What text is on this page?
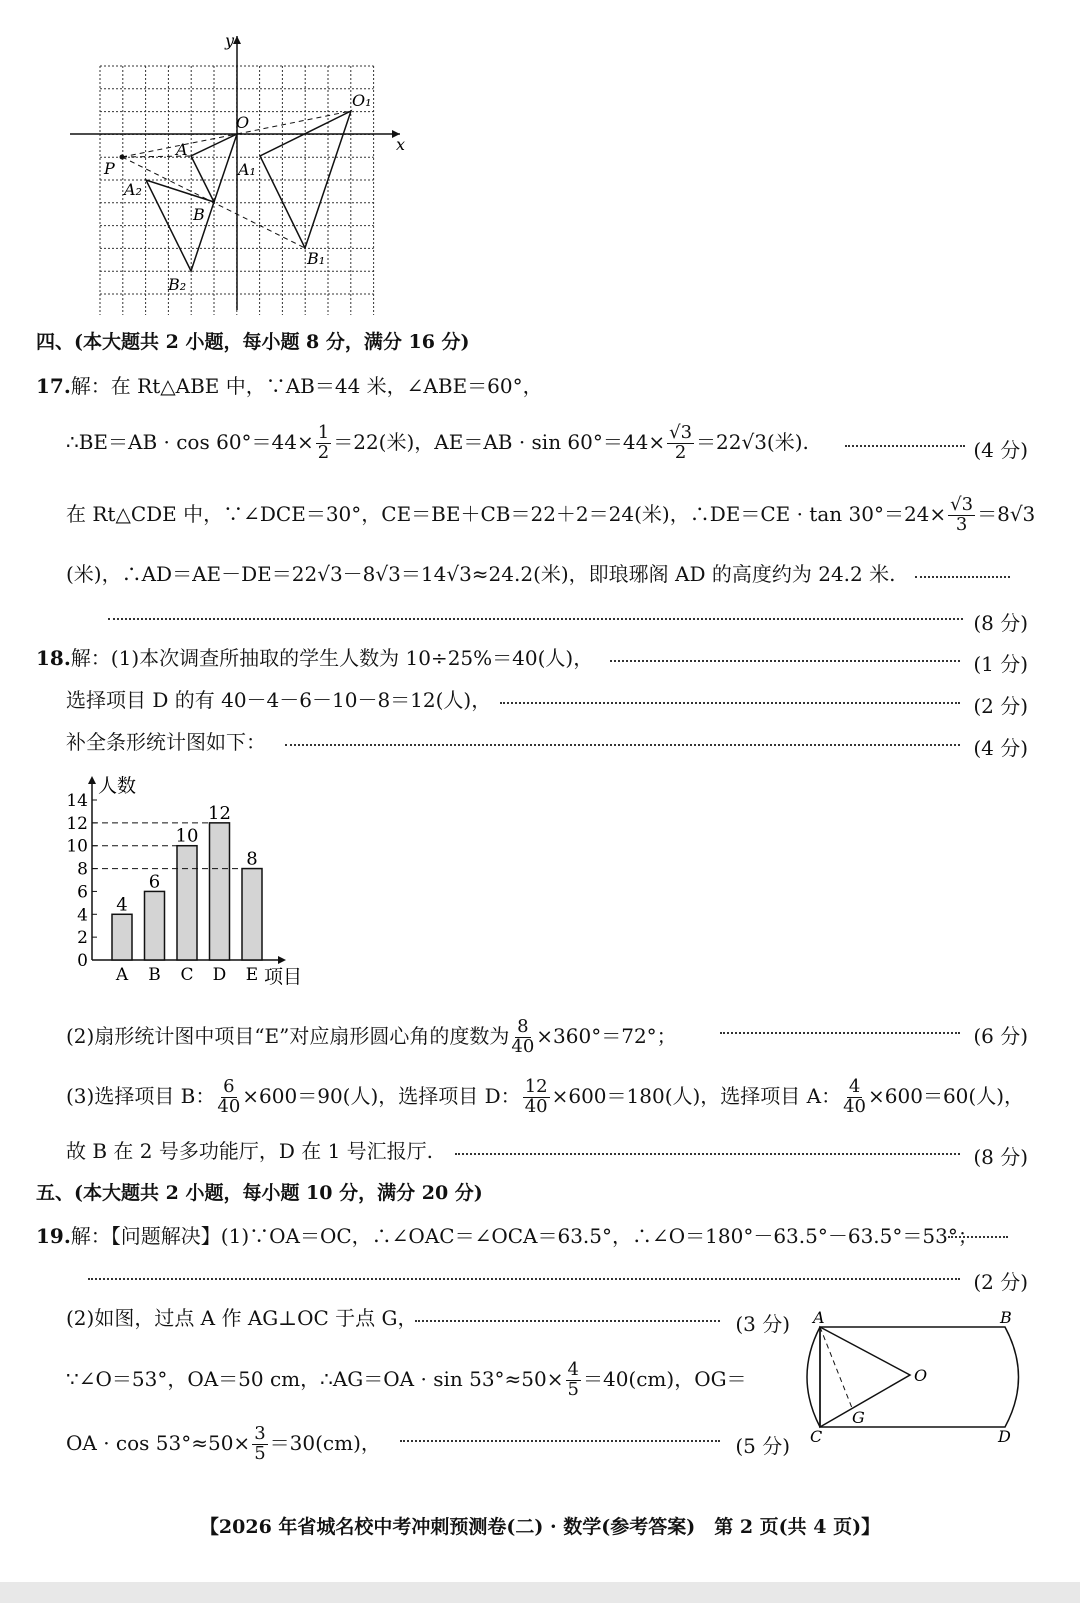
y
x
O
O₁
A
P	A₁
A₂
B
B₁
B₂
四、(本大题共 2 小题，每小题 8 分，满分 16 分)
17.解：在 Rt△ABE 中，∵AB＝44 米，∠ABE＝60°，
∴BE＝AB · $\cos 60^\circ=44\times \frac{1}{2} =22$(米)，$AE=AB \cdot \sin 60^\circ=44\times \frac{√3}{2} =22√3$(米).	(4 分)
在 Rt△CDE 中，∵∠DCE＝30°，CE＝BE＋CB＝22＋2＝24(米)，∴DE＝CE · $\tan 30^\circ=24\times \frac{√3}{3} =8√3$
(米)，∴AD＝AE－DE＝22√3－8√3＝14√3≈24.2(米)，即琅琊阁 AD 的高度约为 24.2 米.
(8 分)
18.解：(1)本次调查所抽取的学生人数为 10÷25%＝40(人)，	(1 分)
选择项目 D 的有 40－4－6－10－8＝12(人)，	(2 分)
补全条形统计图如下：	(4 分)
人数
项目
0
2
4
6
8
10
12
14
4
A
6
B
10
C
12
D
8
E
(2)扇形统计图中项目“E”对应扇形圆心角的度数为 $\frac{8}{40} \times 360^\circ=72^\circ$；	(6 分)
(3)选择项目 B： $\frac{6}{40} \times 600=90$(人)，选择项目 D： $\frac{12}{40} \times 600=180$(人)，选择项目 A： $\frac{4}{40} \times 600=60$(人)，
故 B 在 2 号多功能厅，D 在 1 号汇报厅.	(8 分)
五、(本大题共 2 小题，每小题 10 分，满分 20 分)
19.解：【问题解决】(1)∵OA＝OC，∴∠OAC＝∠OCA＝63.5°，∴∠O＝180°－63.5°－63.5°＝53°；
(2 分)
(2)如图，过点 A 作 AG⊥OC 于点 G，	(3 分)
∵∠O＝53°，OA＝50 cm，∴AG＝OA · $\sin 53^\circ\approx 50\times \frac{4}{5} =40(cm)$，OG＝
OA · $\cos 53^\circ\approx 50\times \frac{3}{5} =30(cm)$，	(5 分)
A	B
C	D
O
G
【2026 年省城名校中考冲刺预测卷(二) · 数学(参考答案)　第 2 页(共 4 页)】
